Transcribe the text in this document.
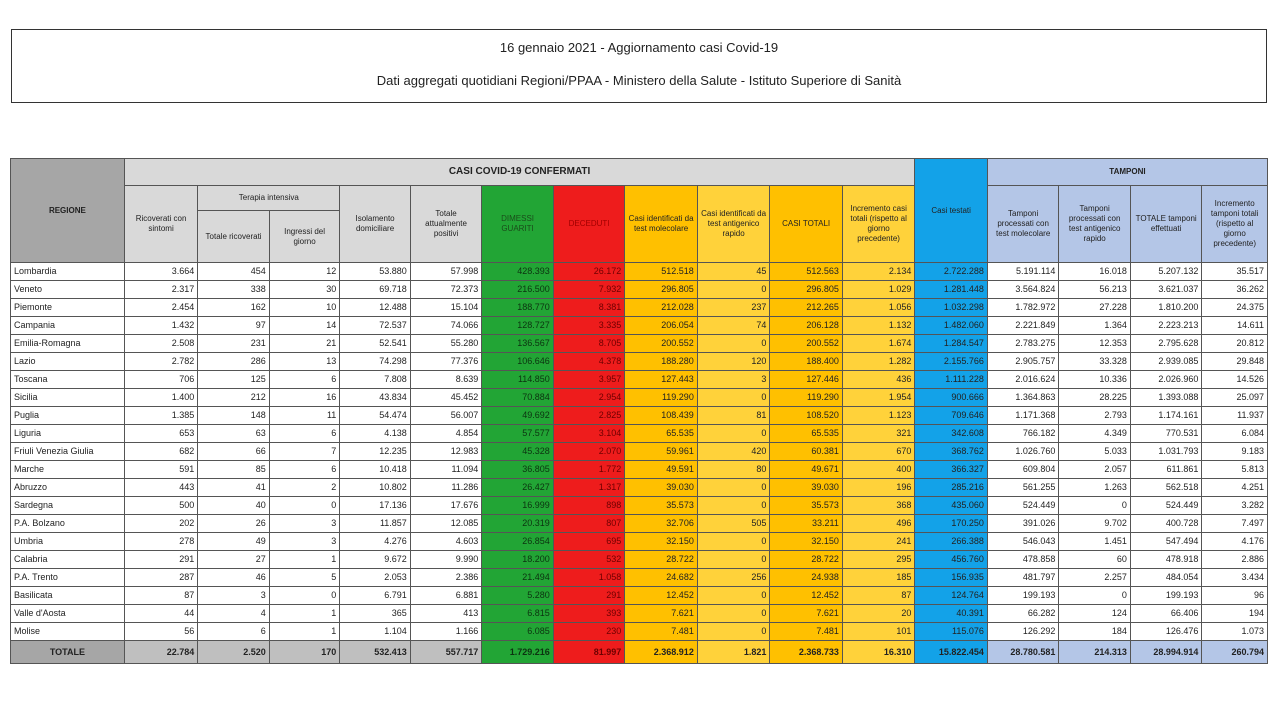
16 gennaio 2021 - Aggiornamento casi Covid-19
Dati aggregati quotidiani Regioni/PPAA - Ministero della Salute - Istituto Superiore di Sanità
REGIONE	CASI COVID-19 CONFERMATI											Casi testati	TAMPONI			
	Ricoverati con sintomi	Terapia intensiva		Isolamento domiciliare	Totale attualmente positivi	DIMESSI GUARITI	DECEDUTI	Casi identificati da test molecolare	Casi identificati da test antigenico rapido	CASI TOTALI	Incremento casi totali (rispetto al giorno precedente)		Tamponi processati con test molecolare	Tamponi processati con test antigenico rapido	TOTALE tamponi effettuati	Incremento tamponi totali (rispetto al giorno precedente)
		Totale ricoverati	Ingressi del giorno													
Lombardia	3.664	454	12	53.880	57.998	428.393	26.172	512.518	45	512.563	2.134	2.722.288	5.191.114	16.018	5.207.132	35.517
Veneto	2.317	338	30	69.718	72.373	216.500	7.932	296.805	0	296.805	1.029	1.281.448	3.564.824	56.213	3.621.037	36.262
Piemonte	2.454	162	10	12.488	15.104	188.770	8.381	212.028	237	212.265	1.056	1.032.298	1.782.972	27.228	1.810.200	24.375
Campania	1.432	97	14	72.537	74.066	128.727	3.335	206.054	74	206.128	1.132	1.482.060	2.221.849	1.364	2.223.213	14.611
Emilia-Romagna	2.508	231	21	52.541	55.280	136.567	8.705	200.552	0	200.552	1.674	1.284.547	2.783.275	12.353	2.795.628	20.812
Lazio	2.782	286	13	74.298	77.376	106.646	4.378	188.280	120	188.400	1.282	2.155.766	2.905.757	33.328	2.939.085	29.848
Toscana	706	125	6	7.808	8.639	114.850	3.957	127.443	3	127.446	436	1.111.228	2.016.624	10.336	2.026.960	14.526
Sicilia	1.400	212	16	43.834	45.452	70.884	2.954	119.290	0	119.290	1.954	900.666	1.364.863	28.225	1.393.088	25.097
Puglia	1.385	148	11	54.474	56.007	49.692	2.825	108.439	81	108.520	1.123	709.646	1.171.368	2.793	1.174.161	11.937
Liguria	653	63	6	4.138	4.854	57.577	3.104	65.535	0	65.535	321	342.608	766.182	4.349	770.531	6.084
Friuli Venezia Giulia	682	66	7	12.235	12.983	45.328	2.070	59.961	420	60.381	670	368.762	1.026.760	5.033	1.031.793	9.183
Marche	591	85	6	10.418	11.094	36.805	1.772	49.591	80	49.671	400	366.327	609.804	2.057	611.861	5.813
Abruzzo	443	41	2	10.802	11.286	26.427	1.317	39.030	0	39.030	196	285.216	561.255	1.263	562.518	4.251
Sardegna	500	40	0	17.136	17.676	16.999	898	35.573	0	35.573	368	435.060	524.449	0	524.449	3.282
P.A. Bolzano	202	26	3	11.857	12.085	20.319	807	32.706	505	33.211	496	170.250	391.026	9.702	400.728	7.497
Umbria	278	49	3	4.276	4.603	26.854	695	32.150	0	32.150	241	266.388	546.043	1.451	547.494	4.176
Calabria	291	27	1	9.672	9.990	18.200	532	28.722	0	28.722	295	456.760	478.858	60	478.918	2.886
P.A. Trento	287	46	5	2.053	2.386	21.494	1.058	24.682	256	24.938	185	156.935	481.797	2.257	484.054	3.434
Basilicata	87	3	0	6.791	6.881	5.280	291	12.452	0	12.452	87	124.764	199.193	0	199.193	96
Valle d'Aosta	44	4	1	365	413	6.815	393	7.621	0	7.621	20	40.391	66.282	124	66.406	194
Molise	56	6	1	1.104	1.166	6.085	230	7.481	0	7.481	101	115.076	126.292	184	126.476	1.073
TOTALE	22.784	2.520	170	532.413	557.717	1.729.216	81.997	2.368.912	1.821	2.368.733	16.310	15.822.454	28.780.581	214.313	28.994.914	260.794
